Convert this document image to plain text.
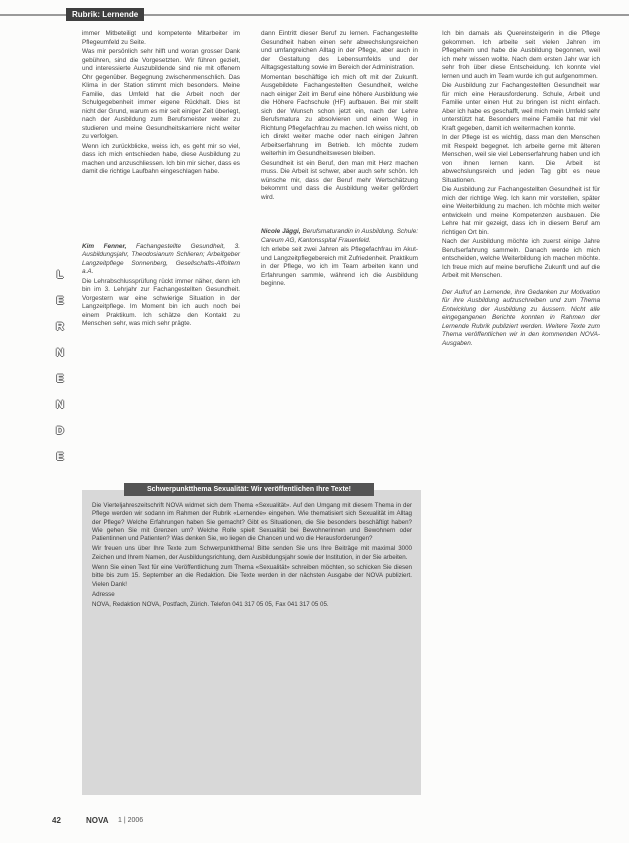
Rubrik: Lernende

immer Mitbeteiligt und kompetente Mitarbeiter im Pflegeumfeld zu Seite.

Was mir persönlich sehr hilft und woran grosser Dank gebühren, sind die Vorgesetzten. Wir führen gezielt, und interessierte Auszubildende sind nie mit offenem Ohr gegenüber. Begegnung zwischenmenschlich. Das Klima in der Station stimmt mich besonders. Meine Familie, das Umfeld hat die Arbeit noch der Schulgegebenheit immer eigene Rückhalt. Dies ist nicht der Grund, warum es mir seit einiger Zeit überlegt, nach der Ausbildung zum Berufsmeister weiter zu studieren und meine Gesundheitskarriere nicht weiter zu verfolgen.

Wenn ich zurückblicke, weiss ich, es geht mir so viel, dass ich mich entschieden habe, diese Ausbildung zu machen und anzuschliessen. Ich bin mir sicher, dass es damit die richtige Laufbahn eingeschlagen habe.

Kim Fenner, Fachangestellte Gesundheit, 3. Ausbildungsjahr, Theodosianum Schlieren; Arbeitgeber Langzeitpflege Sonnenberg, Gesellschafts-Affoltern a.A.

Die Lehrabschlussprüfung rückt immer näher, denn ich bin im 3. Lehrjahr zur Fachangestellten Gesundheit. Vorgestern war eine schwierige Situation in der Langzeitpflege. Im Moment bin ich auch noch bei einem Praktikum. Ich schätze den Kontakt zu Menschen sehr, was mich sehr prägte.

dann Eintritt dieser Beruf zu lernen. Fachangestellte Gesundheit haben einen sehr abwechslungsreichen und umfangreichen Alltag in der Pflege, aber auch in der Gestaltung des Lebensumfelds und der Alltagsgestaltung sowie im Bereich der Administration.

Momentan beschäftige ich mich oft mit der Zukunft. Ausgebildete Fachangestellten Gesundheit, welche nach einiger Zeit im Beruf eine höhere Ausbildung wie die Höhere Fachschule (HF) aufbauen. Bei mir stellt sich der Wunsch schon jetzt ein, nach der Lehre Berufsmatura zu absolvieren und einen Weg in Richtung Pflegefachfrau zu machen. Ich weiss nicht, ob ich direkt weiter mache oder nach einigen Jahren Arbeitserfahrung im Betrieb. Ich möchte zudem weiterhin im Gesundheitswesen bleiben.

Gesundheit ist ein Beruf, den man mit Herz machen muss. Die Arbeit ist schwer, aber auch sehr schön. Ich wünsche mir, dass der Beruf mehr Wertschätzung bekommt und dass die Ausbildung weiter gefördert wird.

Nicole Jäggi, Berufsmaturandin in Ausbildung. Schule: Careum AG, Kantonsspital Frauenfeld.

Ich erlebe seit zwei Jahren als Pflegefachfrau im Akut- und Langzeitpflegebereich mit Zufriedenheit. Praktikum in der Pflege, wo ich im Team arbeiten kann und Erfahrungen sammle, während ich die Ausbildung beginne.

Ich bin damals als Quereinsteigerin in die Pflege gekommen. Ich arbeite seit vielen Jahren im Pflegeheim und habe die Ausbildung begonnen, weil ich mehr wissen wollte. Nach dem ersten Jahr war ich sehr froh über diese Entscheidung. Ich konnte viel lernen und auch im Team wurde ich gut aufgenommen.

Die Ausbildung zur Fachangestellten Gesundheit war für mich eine Herausforderung. Schule, Arbeit und Familie unter einen Hut zu bringen ist nicht einfach. Aber ich habe es geschafft, weil mich mein Umfeld sehr unterstützt hat. Besonders meine Familie hat mir viel Kraft gegeben, damit ich weitermachen konnte.

In der Pflege ist es wichtig, dass man den Menschen mit Respekt begegnet. Ich arbeite gerne mit älteren Menschen, weil sie viel Lebenserfahrung haben und ich von ihnen lernen kann. Die Arbeit ist abwechslungsreich und jeden Tag gibt es neue Situationen.

Die Ausbildung zur Fachangestellten Gesundheit ist für mich der richtige Weg. Ich kann mir vorstellen, später eine Weiterbildung zu machen. Ich möchte mich weiter entwickeln und meine Kompetenzen ausbauen. Die Lehre hat mir gezeigt, dass ich in diesem Beruf am richtigen Ort bin.

Nach der Ausbildung möchte ich zuerst einige Jahre Berufserfahrung sammeln. Danach werde ich mich entscheiden, welche Weiterbildung ich machen möchte. Ich freue mich auf meine berufliche Zukunft und auf die Arbeit mit Menschen.

Der Aufruf an Lernende, ihre Gedanken zur Motivation für ihre Ausbildung aufzuschreiben und zum Thema Entwicklung der Ausbildung zu äussern. Nicht alle eingegangenen Berichte konnten in Rahmen der Lernende Rubrik publiziert werden. Weitere Texte zum Thema veröffentlichen wir in den kommenden NOVA-Ausgaben.

L
E
R
N
E
N
D
E
Schwerpunktthema Sexualität: Wir veröffentlichen Ihre Texte!

Die Vierteljahreszeitschrift NOVA widmet sich dem Thema «Sexualität». Auf den Umgang mit diesem Thema in der Pflege werden wir sodann im Rahmen der Rubrik «Lernende» eingehen. Wie thematisiert sich Sexualität im Alltag der Pflege? Welche Erfahrungen haben Sie gemacht? Gibt es Situationen, die Sie besonders beschäftigt haben? Wie gehen Sie mit Grenzen um? Welche Rolle spielt Sexualität bei Bewohnerinnen und Bewohnern oder Patientinnen und Patienten? Was denken Sie, wo liegen die Chancen und wo die Herausforderungen?

Wir freuen uns über Ihre Texte zum Schwerpunktthema! Bitte senden Sie uns Ihre Beiträge mit maximal 3000 Zeichen und Ihrem Namen, der Ausbildungsrichtung, dem Ausbildungsjahr sowie der Institution, in der Sie arbeiten.

Wenn Sie einen Text für eine Veröffentlichung zum Thema «Sexualität» schreiben möchten, so schicken Sie diesen bitte bis zum 15. September an die Redaktion. Die Texte werden in der nächsten Ausgabe der NOVA publiziert. Vielen Dank!

Adresse

NOVA, Redaktion NOVA, Postfach, Zürich. Telefon 041 317 05 05, Fax 041 317 05 05.

42	NOVA 1 | 2006
